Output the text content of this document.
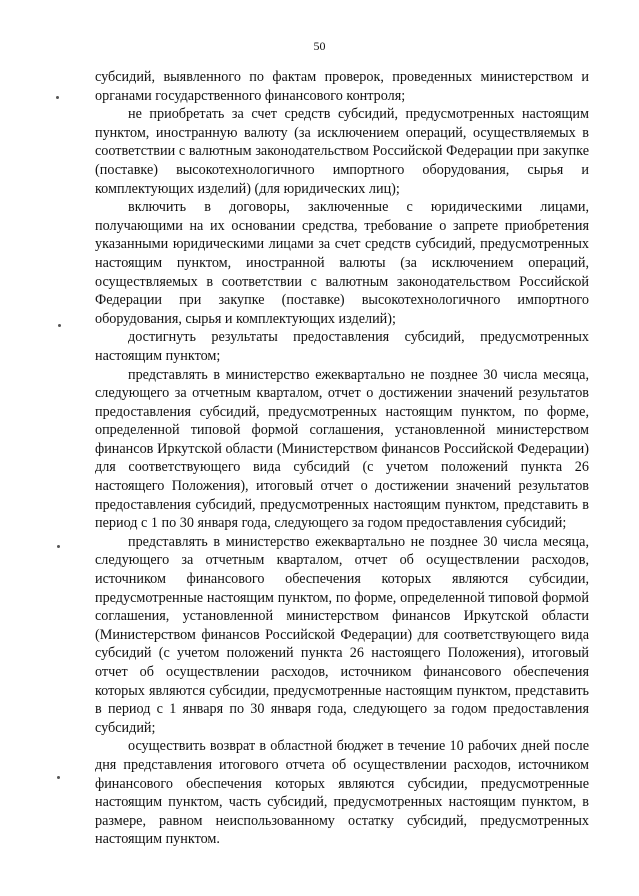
50

субсидий, выявленного по фактам проверок, проведенных министерством и органами государственного финансового контроля;

не приобретать за счет средств субсидий, предусмотренных настоящим пунктом, иностранную валюту (за исключением операций, осуществляемых в соответствии с валютным законодательством Российской Федерации при закупке (поставке) высокотехнологичного импортного оборудования, сырья и комплектующих изделий) (для юридических лиц);

включить в договоры, заключенные с юридическими лицами, получающими на их основании средства, требование о запрете приобретения указанными юридическими лицами за счет средств субсидий, предусмотренных настоящим пунктом, иностранной валюты (за исключением операций, осуществляемых в соответствии с валютным законодательством Российской Федерации при закупке (поставке) высокотехнологичного импортного оборудования, сырья и комплектующих изделий);

достигнуть результаты предоставления субсидий, предусмотренных настоящим пунктом;

представлять в министерство ежеквартально не позднее 30 числа месяца, следующего за отчетным кварталом, отчет о достижении значений результатов предоставления субсидий, предусмотренных настоящим пунктом, по форме, определенной типовой формой соглашения, установленной министерством финансов Иркутской области (Министерством финансов Российской Федерации) для соответствующего вида субсидий (с учетом положений пункта 26 настоящего Положения), итоговый отчет о достижении значений результатов предоставления субсидий, предусмотренных настоящим пунктом, представить в период с 1 по 30 января года, следующего за годом предоставления субсидий;

представлять в министерство ежеквартально не позднее 30 числа месяца, следующего за отчетным кварталом, отчет об осуществлении расходов, источником финансового обеспечения которых являются субсидии, предусмотренные настоящим пунктом, по форме, определенной типовой формой соглашения, установленной министерством финансов Иркутской области (Министерством финансов Российской Федерации) для соответствующего вида субсидий (с учетом положений пункта 26 настоящего Положения), итоговый отчет об осуществлении расходов, источником финансового обеспечения которых являются субсидии, предусмотренные настоящим пунктом, представить в период с 1 января по 30 января года, следующего за годом предоставления субсидий;

осуществить возврат в областной бюджет в течение 10 рабочих дней после дня представления итогового отчета об осуществлении расходов, источником финансового обеспечения которых являются субсидии, предусмотренные настоящим пунктом, часть субсидий, предусмотренных настоящим пунктом, в размере, равном неиспользованному остатку субсидий, предусмотренных настоящим пунктом.
